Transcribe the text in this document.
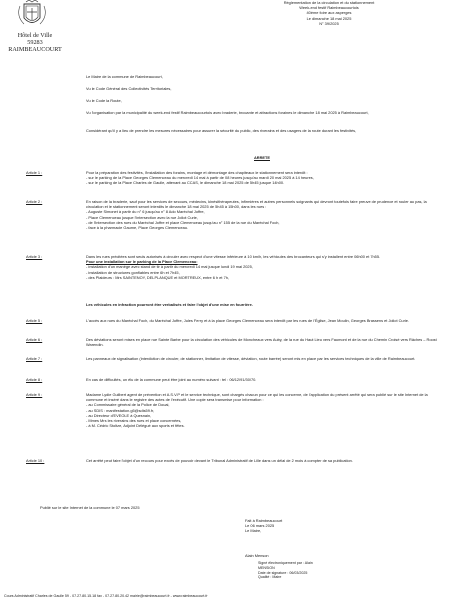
Hôtel de Ville
59283 RAIMBEAUCOURT
Réglementation de la circulation et du stationnement
Week-end festif Raimbeaucourtois
40ème foire aux asperges
Le dimanche 18 mai 2025
N° 39/2025
Le Maire de la commune de Raimbeaucourt,
Vu le Code Général des Collectivités Territoriales,
Vu le Code la Route,
Vu l'organisation par la municipalité du week-end festif Raimbeaucourtois avec braderie, brocante et attractions foraines le dimanche 18 mai 2025 à Raimbeaucourt,
Considérant qu'il y a lieu de prendre les mesures nécessaires pour assurer la sécurité du public, des riverains et des usagers de la route durant les festivités,
ARRETE
Article 1 :	Pour la préparation des festivités, l'installation des forains, montage et démontage des chapiteaux le stationnement sera interdit :
- sur le parking de la Place Georges Clemenceau du mercredi 14 mai à partir de 08 heures jusqu'au mardi 20 mai 2025 à 14 heures,
- sur le parking de la Place Charles de Gaulle, attenant au CCAS, le dimanche 18 mai 2025 de 5h45 jusque 14h00.
Article 2 :	En raison de la braderie, sauf pour les services de secours, médecins, kinésithérapeutes, infirmières et autres personnels soignants qui devront toutefois faire preuve de prudence et rouler au pas, la circulation et le stationnement seront interdits le dimanche 18 mai 2025 de 5h45 à 15h00, dans les rues :
- Auguste Simonet à partir du n° 6 jusqu'au n° 8 Ado Maréchal Joffre,
- Place Clemenceau jusque l'intersection avec la rue Joliot Curie,
- de l'intersection des rues du Maréchal Joffre et place Clemenceau jusqu'au n° 155 de la rue du Maréchal Foch,
- face à la pharmacie Gaume, Place Georges Clemenceau.
Article 3 :	Dans les rues précitées sont seuls autorisés à circuler avec respect d'une vitesse inférieure à 10 km/h, les véhicules des brocanteurs qui s'y installent entre 06h00 et 7h55.
Pour une installation sur le parking de la Place Clemenceau:
- installation d'un manège avec stand de tir à partir du mercredi 14 mai jusque lundi 19 mai 2025,
- installation de structures gonflables entre 6h et 7h45,
- des Plaideurs : Mrs SAINTENOY, DELPLANQUE et MORTREUX, entre 6 h et 7h,
Les véhicules en infraction pourront être verbalisés et faire l'objet d'une mise en fourrière.
Article 5 :	L'accès aux rues du Maréchal Foch, du Maréchal Joffre, Jules Ferry et à la place Georges Clemenceau sera interdit par les rues de l'Église, Jean Moulin, Georges Brassens et Joliot Curie.
Article 6 :	Des déviations seront mises en place rue Sainte Barbe pour la circulation des véhicules de Moncheaux vers Auby, de la rue du Haut Lieu vers Faumont et de la rue du Chemin Croisé vers Râches – Roost Warendin.
Article 7 :	Les panneaux de signalisation (interdiction de circuler, de stationner, limitation de vitesse, déviation, route barrée) seront mis en place par les services techniques de la ville de Raimbeaucourt.
Article 8 :	En cas de difficultés, un élu de la commune peut être joint au numéro suivant : tel : 06/12/91/30/70.
Article 9 :	Madame Lydie Guilbert agent de prévention et A.S.V.P et le service technique, sont chargés chacun pour ce qui les concerne, de l'application du présent arrêté qui sera publié sur le site Internet de la commune et inséré dans le registre des actes de l'exécutif. Une copie sera transmise pour information :
- au Commissaire général de la Police de Douai,
- au SDIS : manifestation.g5@sdis59.fr,
- au Directeur d'EVEOLE à Quesnain,
- Mmes Mrs les riverains des rues et place concernées,
- à M. Cédric Stoltze, Adjoint Délégué aux sports et fêtes.
Article 10 :	Cet arrêté peut faire l'objet d'un recours pour excès de pouvoir devant le Tribunal Administratif de Lille dans un délai de 2 mois à compter de sa publication.
Publié sur le site Internet de la commune le 07 mars 2025
Fait à Raimbeaucourt
Le 06 mars 2025
Le Maire,
Alain Menson
Signé électroniquement par : Alain
MENSION
Date de signature : 06/03/2025
Qualité : Maire
Cours Administratif Charles de Gaulle 59 - 07.27.80.15.18 fax - 07.27.80.20.42 mairie@raimbeaucourt.fr - www.raimbeaucourt.fr
